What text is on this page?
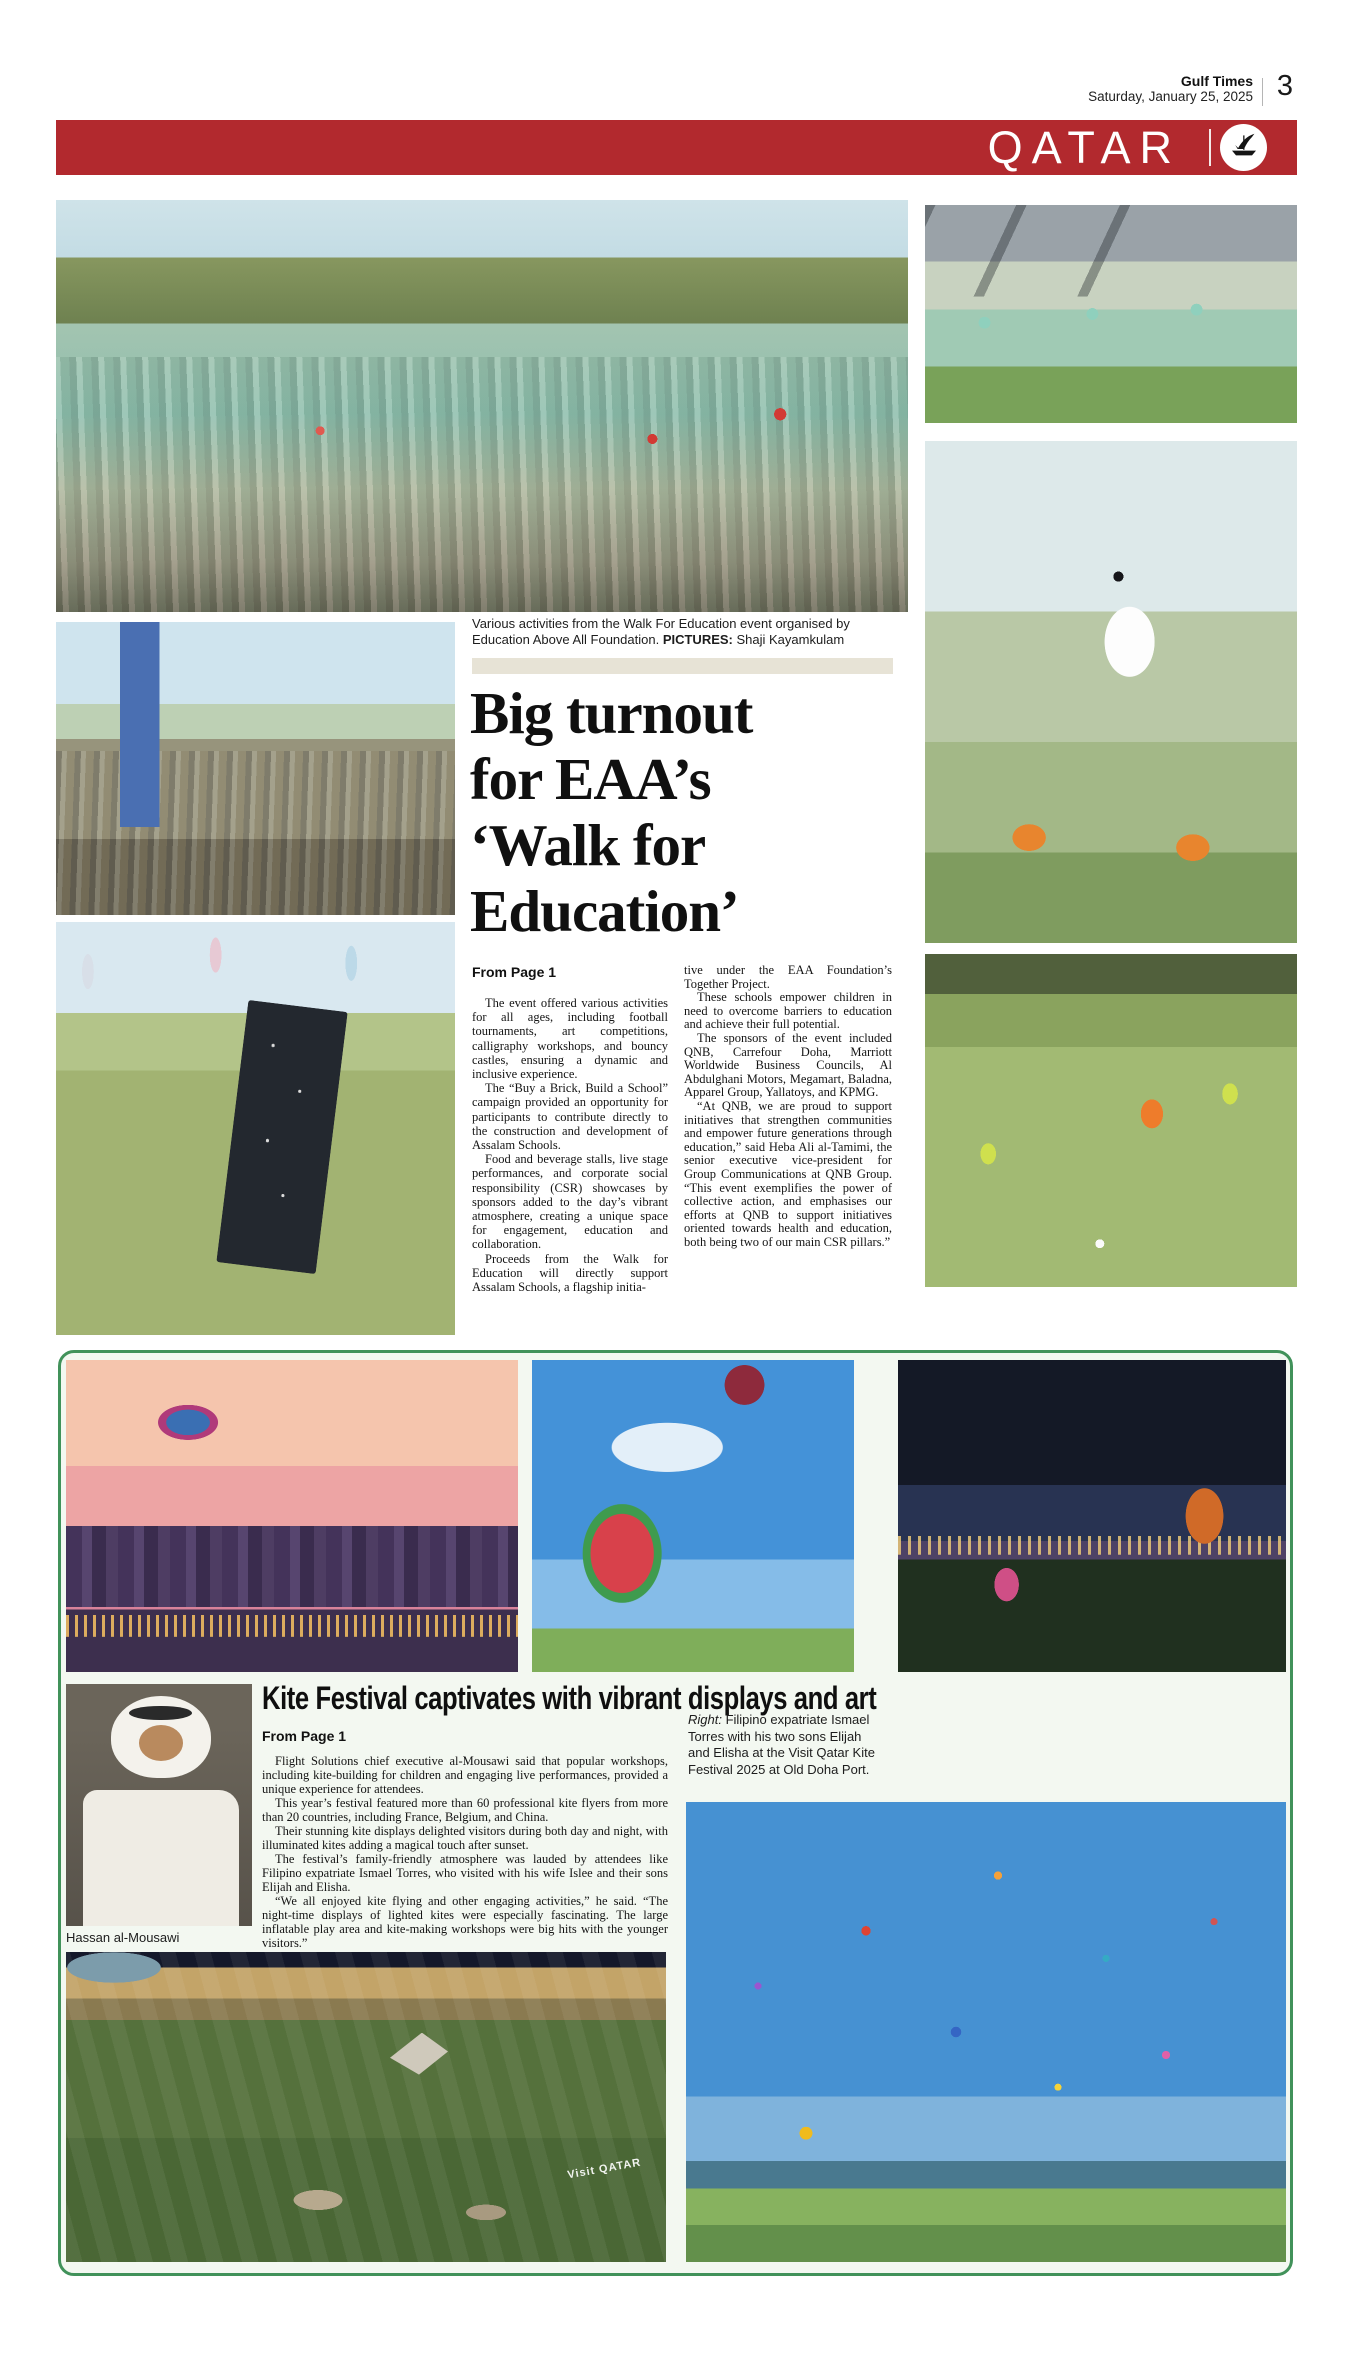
Gulf Times
Saturday, January 25, 2025 3
QATAR
Various activities from the Walk For Education event organised by Education Above All Foundation. PICTURES: Shaji Kayamkulam
Big turnout
for EAA’s
‘Walk for
Education’
From Page 1

The event offered various activities for all ages, including football tournaments, art competitions, calligraphy workshops, and bouncy castles, ensuring a dynamic and inclusive experience.

The “Buy a Brick, Build a School” campaign provided an opportunity for participants to contribute directly to the construction and development of Assalam Schools.

Food and beverage stalls, live stage performances, and corporate social responsibility (CSR) showcases by sponsors added to the day’s vibrant atmosphere, creating a unique space for engagement, education and collaboration.

Proceeds from the Walk for Education will directly support Assalam Schools, a flagship initia-

tive under the EAA Foundation’s Together Project.

These schools empower children in need to overcome barriers to education and achieve their full potential.

The sponsors of the event included QNB, Carrefour Doha, Marriott Worldwide Business Councils, Al Abdulghani Motors, Megamart, Baladna, Apparel Group, Yallatoys, and KPMG.

“At QNB, we are proud to support initiatives that strengthen communities and empower future generations through education,” said Heba Ali al-Tamimi, the senior executive vice-president for Group Communications at QNB Group. “This event exemplifies the power of collective action, and emphasises our efforts at QNB to support initiatives oriented towards health and education, both being two of our main CSR pillars.”

Hassan al-Mousawi
Kite Festival captivates with vibrant displays and art
From Page 1

Flight Solutions chief executive al-Mousawi said that popular workshops, including kite-building for children and engaging live performances, provided a unique experience for attendees.

This year’s festival featured more than 60 professional kite flyers from more than 20 countries, including France, Belgium, and China.

Their stunning kite displays delighted visitors during both day and night, with illuminated kites adding a magical touch after sunset.

The festival’s family-friendly atmosphere was lauded by attendees like Filipino expatriate Ismael Torres, who visited with his wife Islee and their sons Elijah and Elisha.

“We all enjoyed kite flying and other engaging activities,” he said. “The night-time displays of lighted kites were especially fascinating. The large inflatable play area and kite-making workshops were big hits with the younger visitors.”

Right: Filipino expatriate Ismael Torres with his two sons Elijah and Elisha at the Visit Qatar Kite Festival 2025 at Old Doha Port.
Visit QATAR
